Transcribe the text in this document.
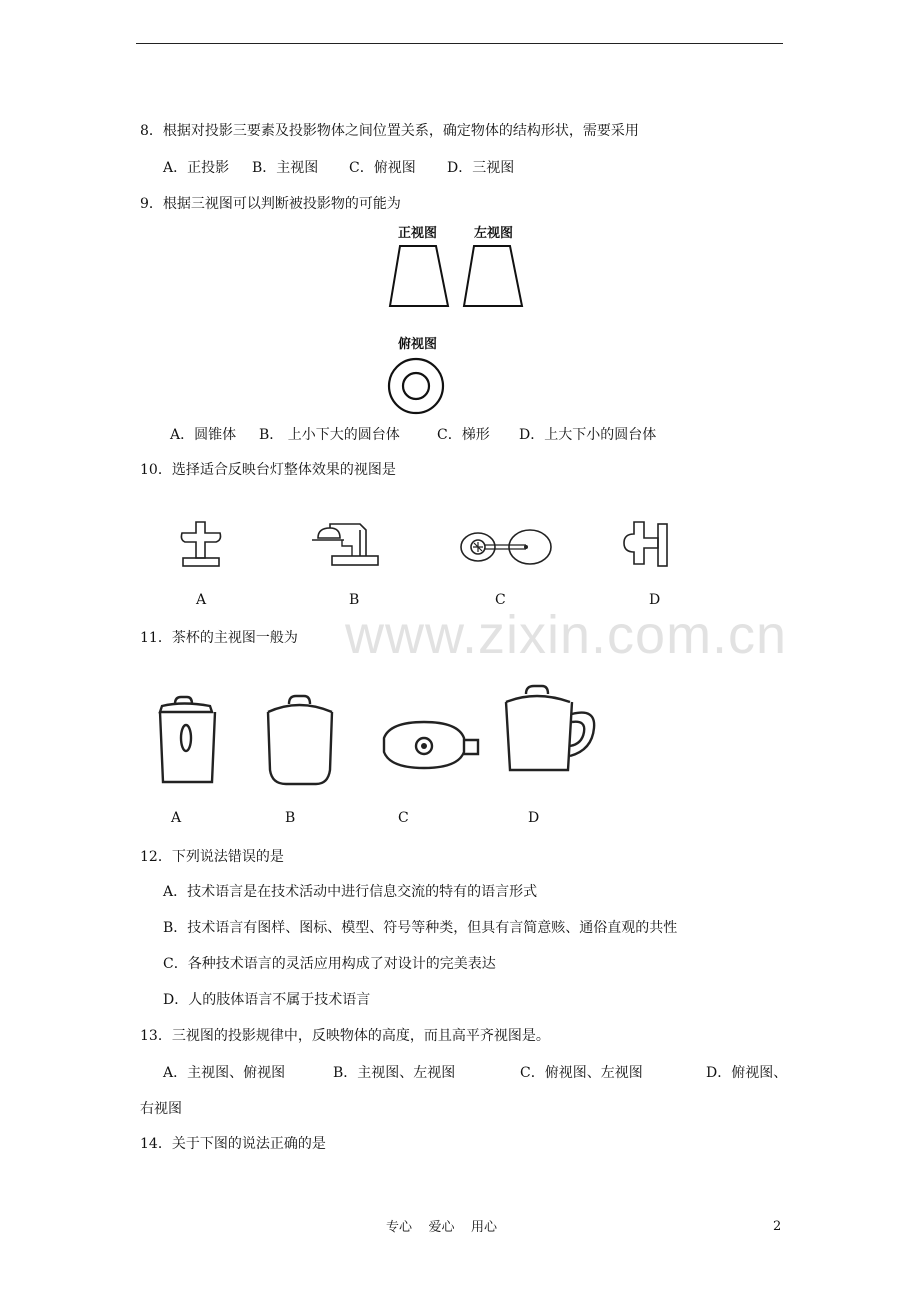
8．根据对投影三要素及投影物体之间位置关系，确定物体的结构形状，需要采用
A．正投影 B．主视图 C．俯视图 D．三视图
9．根据三视图可以判断被投影物的可能为
正视图	左视图
俯视图
A．圆锥体 B． 上小下大的圆台体	C．梯形 D．上大下小的圆台体
10．选择适合反映台灯整体效果的视图是
A	B	C	D
www.zixin.com.cn
11．茶杯的主视图一般为
A	B	C	D
12．下列说法错误的是
A．技术语言是在技术活动中进行信息交流的特有的语言形式
B．技术语言有图样、图标、模型、符号等种类，但具有言简意赅、通俗直观的共性
C．各种技术语言的灵活应用构成了对设计的完美表达
D．人的肢体语言不属于技术语言
13．三视图的投影规律中，反映物体的高度，而且高平齐视图是。
A．主视图、俯视图	B．主视图、左视图	C．俯视图、左视图	D．俯视图、
右视图
14．关于下图的说法正确的是
专心    爱心    用心	2
